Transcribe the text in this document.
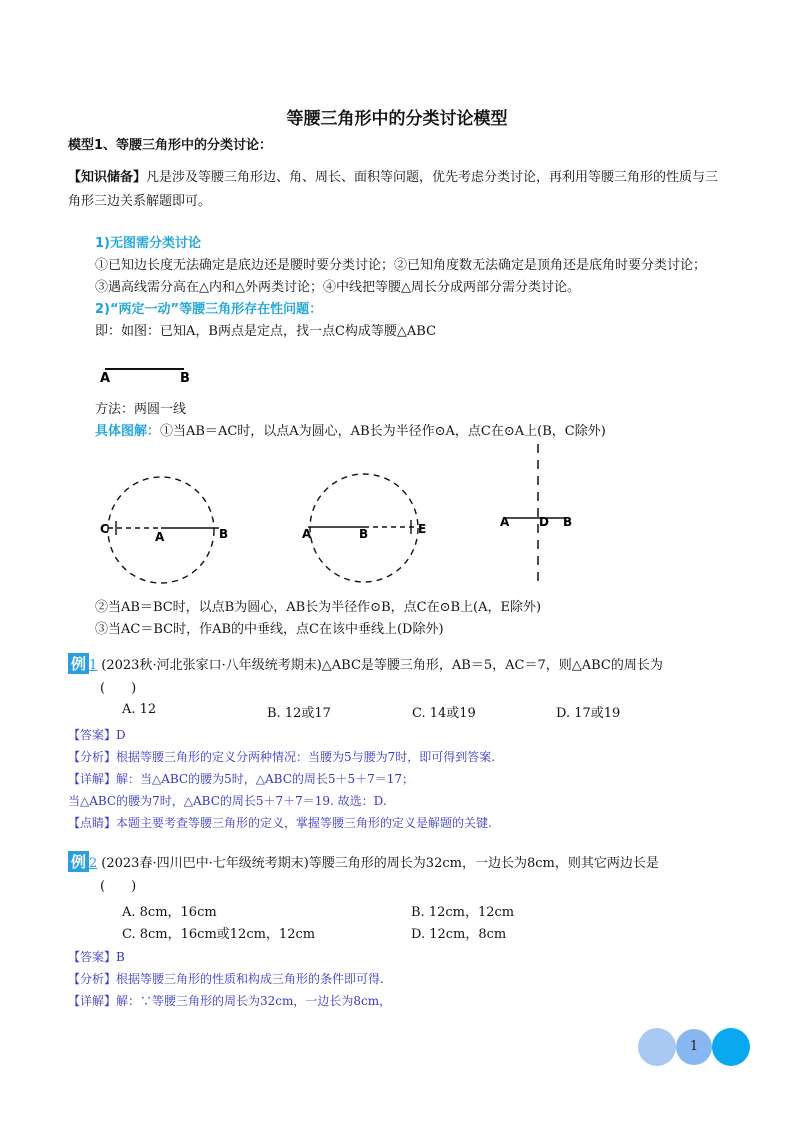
等腰三角形中的分类讨论模型
模型1、等腰三角形中的分类讨论：
【知识储备】凡是涉及等腰三角形边、角、周长、面积等问题，优先考虑分类讨论，再利用等腰三角形的性质与三
角形三边关系解题即可。
1)无图需分类讨论
①已知边长度无法确定是底边还是腰时要分类讨论；②已知角度数无法确定是顶角还是底角时要分类讨论；
③遇高线需分高在△内和△外两类讨论；④中线把等腰△周长分成两部分需分类讨论。
2)“两定一动”等腰三角形存在性问题：
即：如图：已知A，B两点是定点，找一点C构成等腰△ABC
A	B
方法：两圆一线
具体图解：①当AB＝AC时，以点A为圆心，AB长为半径作⊙A，点C在⊙A上(B，C除外)
C
A	B	A	B	E	A D B
②当AB＝BC时，以点B为圆心，AB长为半径作⊙B，点C在⊙B上(A，E除外)
③当AC＝BC时，作AB的中垂线，点C在该中垂线上(D除外)
例 1 (2023秋·河北张家口·八年级统考期末)△ABC是等腰三角形，AB＝5，AC＝7，则△ABC的周长为
(　　)
A. 12	B. 12或17	C. 14或19	D. 17或19
【答案】D
【分析】根据等腰三角形的定义分两种情况：当腰为5与腰为7时，即可得到答案.
【详解】解：当△ABC的腰为5时，△ABC的周长5＋5＋7＝17；
当△ABC的腰为7时，△ABC的周长5＋7＋7＝19. 故选：D.
【点睛】本题主要考查等腰三角形的定义，掌握等腰三角形的定义是解题的关键.
例 2 (2023春·四川巴中·七年级统考期末)等腰三角形的周长为32cm，一边长为8cm，则其它两边长是
(　　)
A. 8cm，16cm	B. 12cm，12cm
C. 8cm，16cm或12cm，12cm	D. 12cm，8cm
【答案】B
【分析】根据等腰三角形的性质和构成三角形的条件即可得.
【详解】解：∵等腰三角形的周长为32cm，一边长为8cm，
1
